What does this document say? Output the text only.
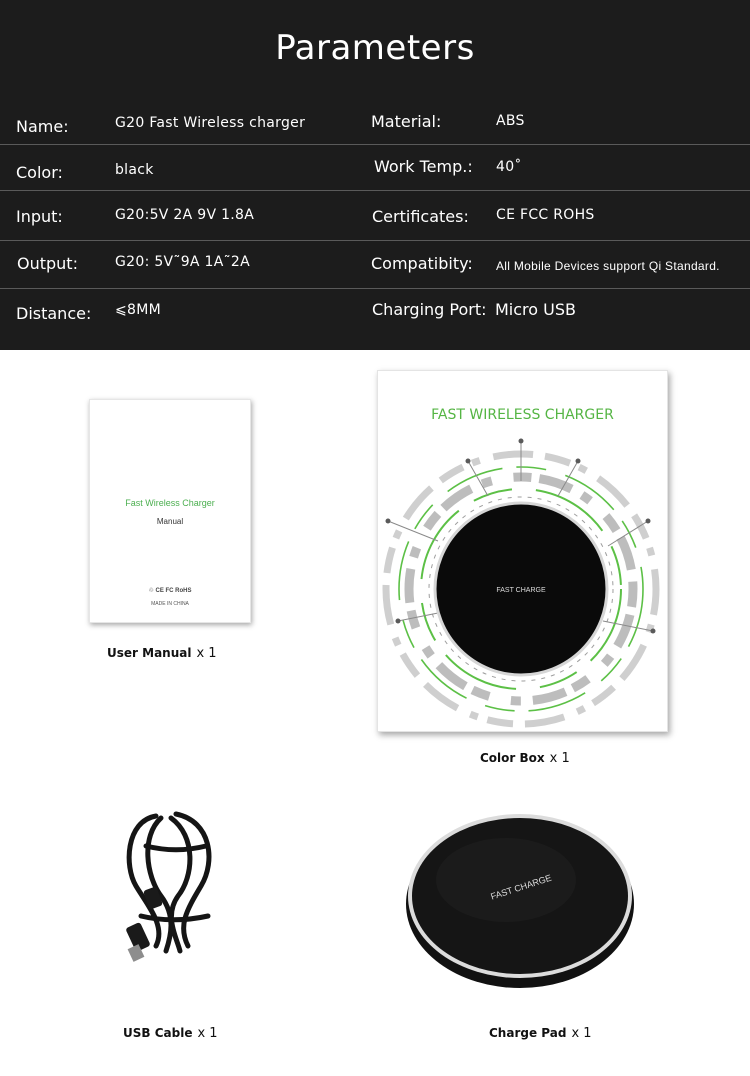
Parameters
Name:	G20 Fast Wireless charger	Material:	ABS
Color:	black	Work Temp.: 40˚
Input:	G20:5V 2A 9V 1.8A	Certificates: CE FCC ROHS
Output:	G20: 5V˜9A 1A˜2A	Compatibity: All Mobile Devices support Qi Standard.
Distance: ⩽8MM	Charging Port: Micro USB
Fast Wireless Charger
Manual
♲ CE FC RoHS
MADE IN CHINA
User Manual x 1
FAST WIRELESS CHARGER
FAST CHARGE
Color Box x 1
USB Cable x 1
FAST CHARGE
Charge Pad x 1
